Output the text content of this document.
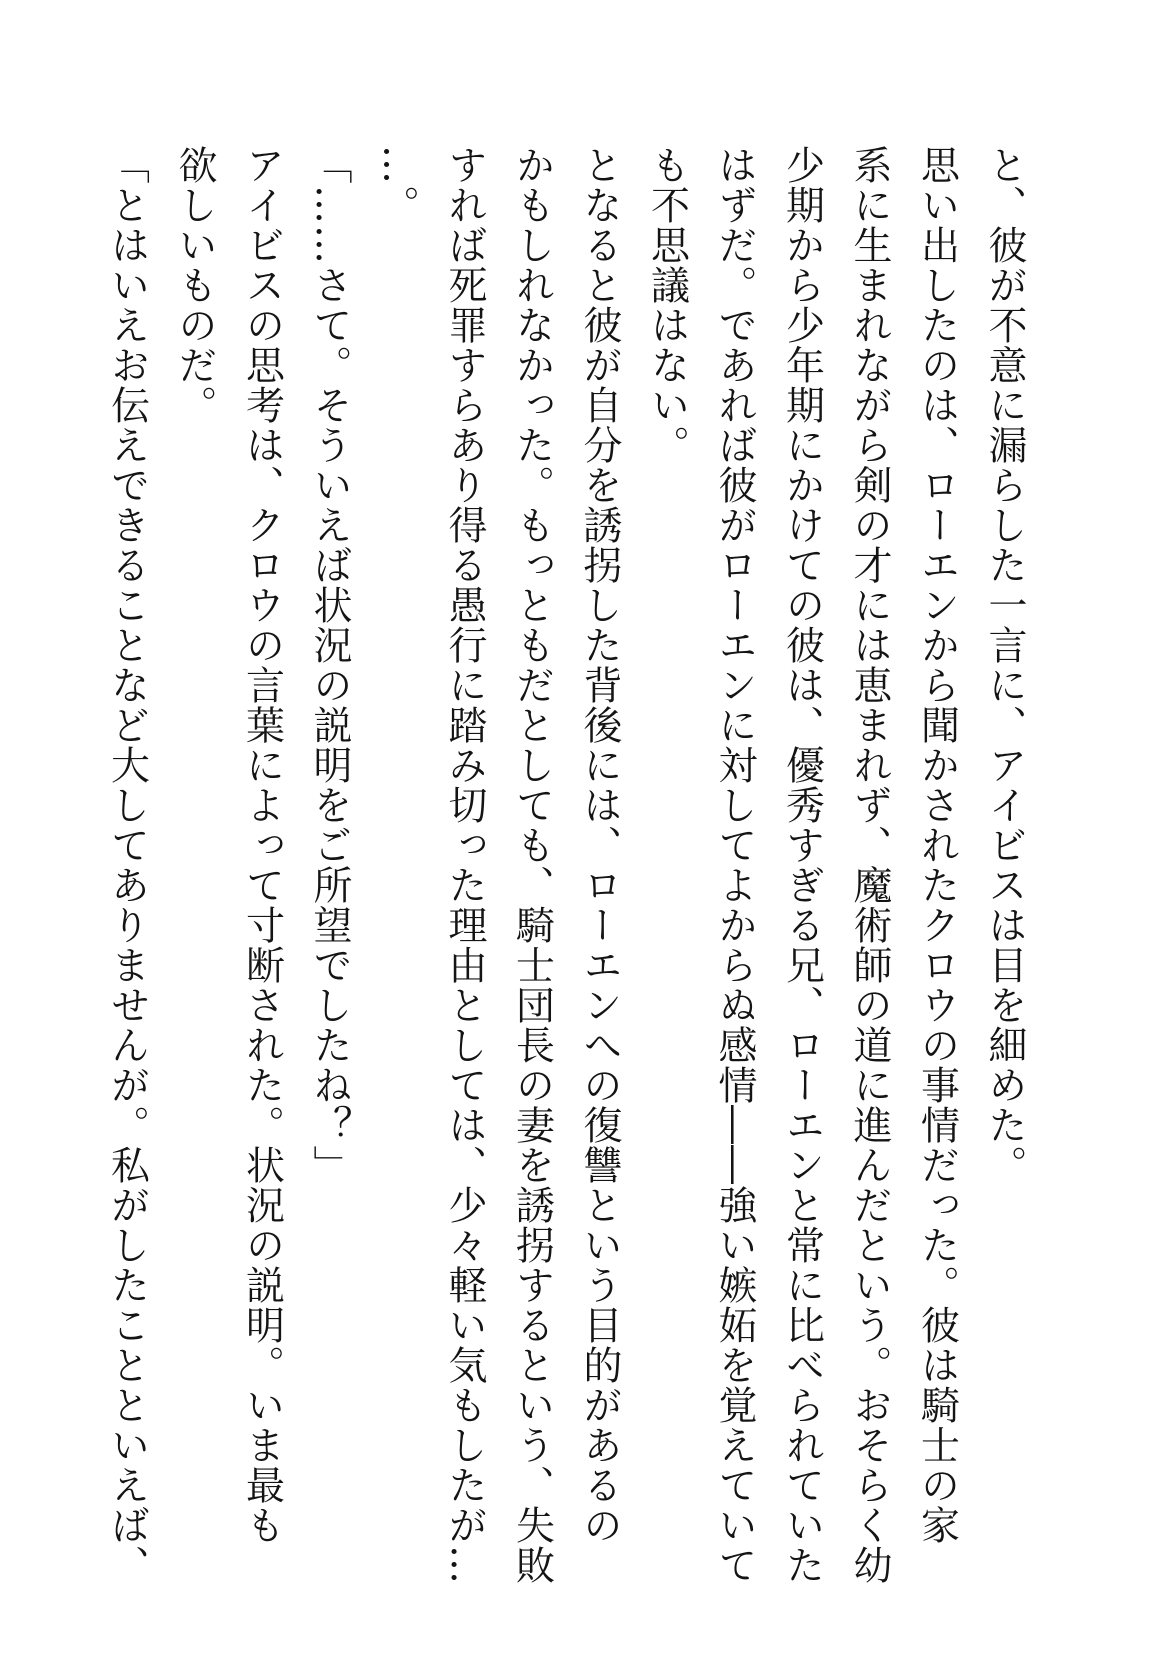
と、彼が不意に漏らした一言に、アイビスは目を細めた。
思い出したのは、ローエンから聞かされたクロウの事情だった。彼は騎士の家
系に生まれながら剣の才には恵まれず、魔術師の道に進んだという。おそらく幼
少期から少年期にかけての彼は、優秀すぎる兄、ローエンと常に比べられていた
はずだ。であれば彼がローエンに対してよからぬ感情――強い嫉妬を覚えていて
も不思議はない。
となると彼が自分を誘拐した背後には、ローエンへの復讐という目的があるの
かもしれなかった。もっともだとしても、騎士団長の妻を誘拐するという、失敗
すれば死罪すらあり得る愚行に踏み切った理由としては、少々軽い気もしたが…
…。
「……さて。そういえば状況の説明をご所望でしたね？」
アイビスの思考は、クロウの言葉によって寸断された。状況の説明。いま最も
欲しいものだ。
「とはいえお伝えできることなど大してありませんが。私がしたことといえば、
